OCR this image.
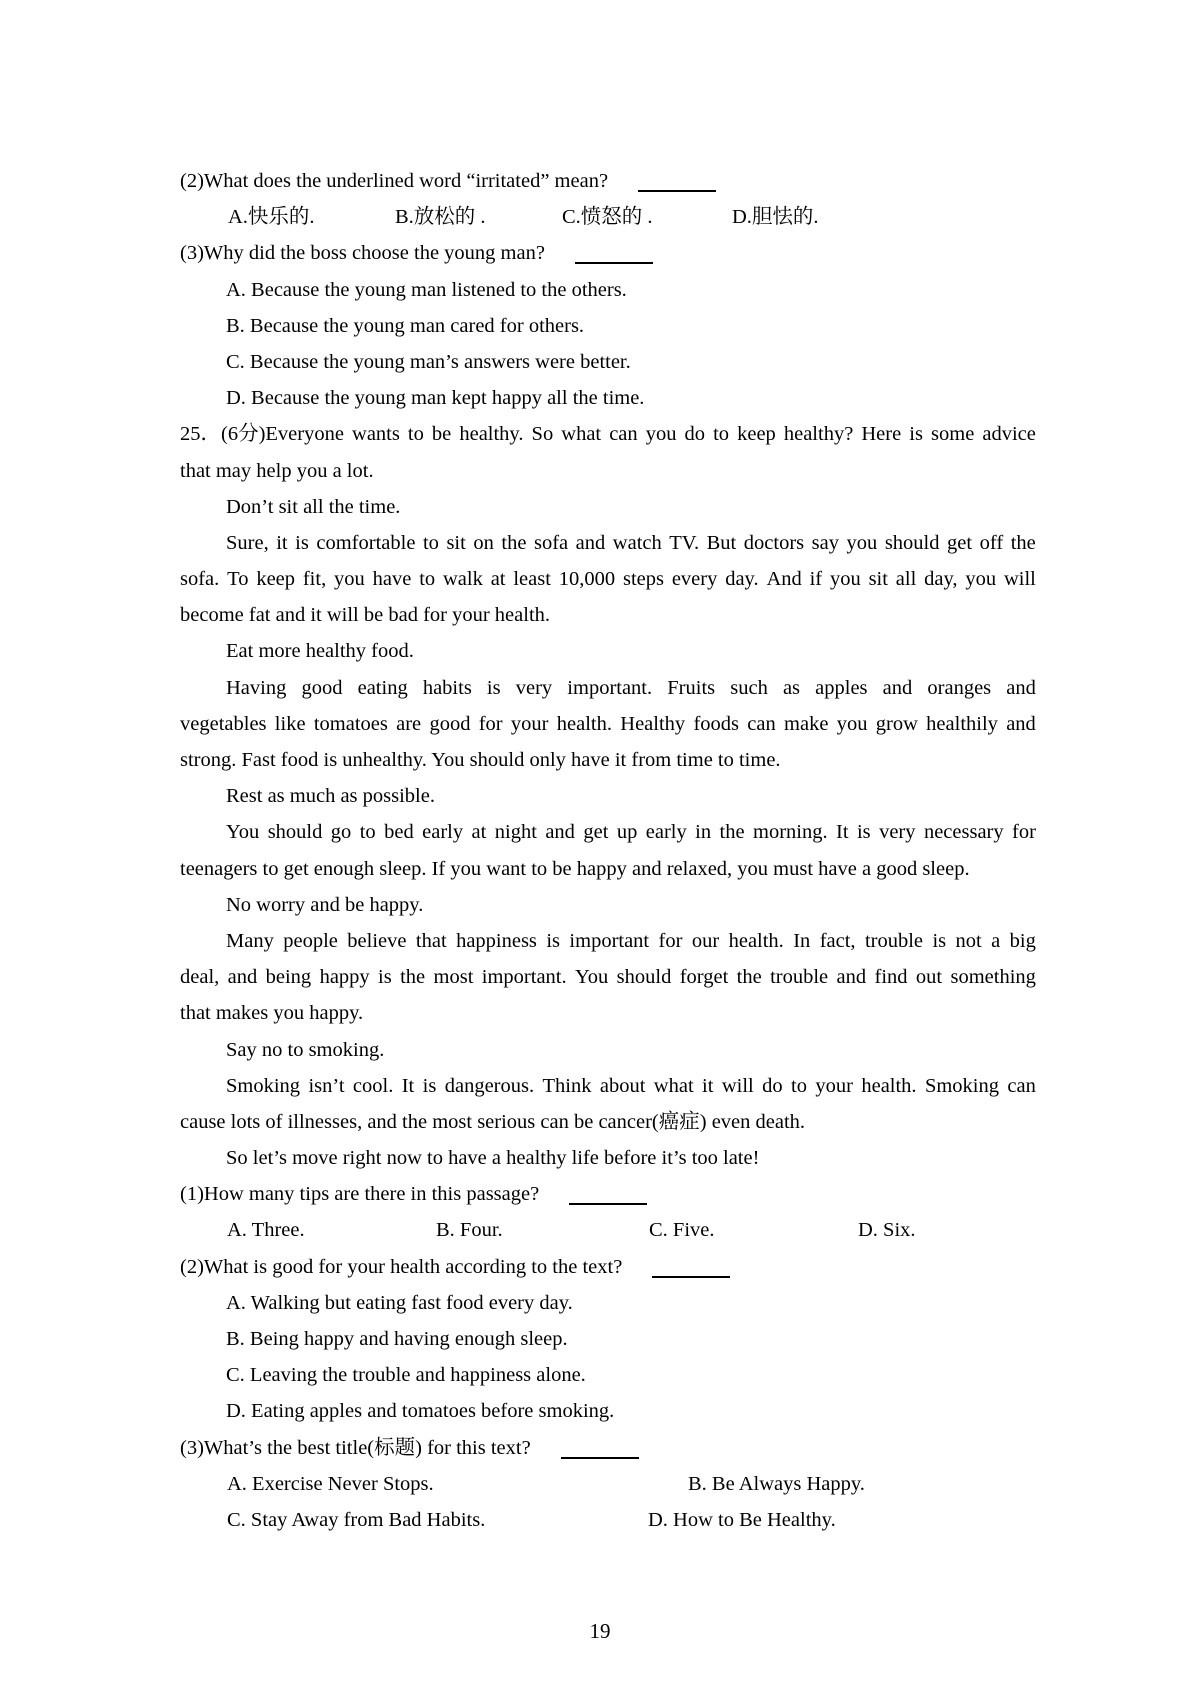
(2)What does the underlined word “irritated” mean?
A.快乐的.	B.放松的 .	C.愤怒的 .	D.胆怯的.
(3)Why did the boss choose the young man?
A. Because the young man listened to the others.
B. Because the young man cared for others.
C. Because the young man’s answers were better.
D. Because the young man kept happy all the time.
25．(6分)Everyone wants to be healthy. So what can you do to keep healthy? Here is some advice
that may help you a lot.
Don’t sit all the time.
Sure, it is comfortable to sit on the sofa and watch TV. But doctors say you should get off the
sofa. To keep fit, you have to walk at least 10,000 steps every day. And if you sit all day, you will
become fat and it will be bad for your health.
Eat more healthy food.
Having good eating habits is very important. Fruits such as apples and oranges and
vegetables like tomatoes are good for your health. Healthy foods can make you grow healthily and
strong. Fast food is unhealthy. You should only have it from time to time.
Rest as much as possible.
You should go to bed early at night and get up early in the morning. It is very necessary for
teenagers to get enough sleep. If you want to be happy and relaxed, you must have a good sleep.
No worry and be happy.
Many people believe that happiness is important for our health. In fact, trouble is not a big
deal, and being happy is the most important. You should forget the trouble and find out something
that makes you happy.
Say no to smoking.
Smoking isn’t cool. It is dangerous. Think about what it will do to your health. Smoking can
cause lots of illnesses, and the most serious can be cancer(癌症) even death.
So let’s move right now to have a healthy life before it’s too late!
(1)How many tips are there in this passage?
A. Three.	B. Four.	C. Five.	D. Six.
(2)What is good for your health according to the text?
A. Walking but eating fast food every day.
B. Being happy and having enough sleep.
C. Leaving the trouble and happiness alone.
D. Eating apples and tomatoes before smoking.
(3)What’s the best title(标题) for this text?
A. Exercise Never Stops.	B. Be Always Happy.
C. Stay Away from Bad Habits.	D. How to Be Healthy.
19
